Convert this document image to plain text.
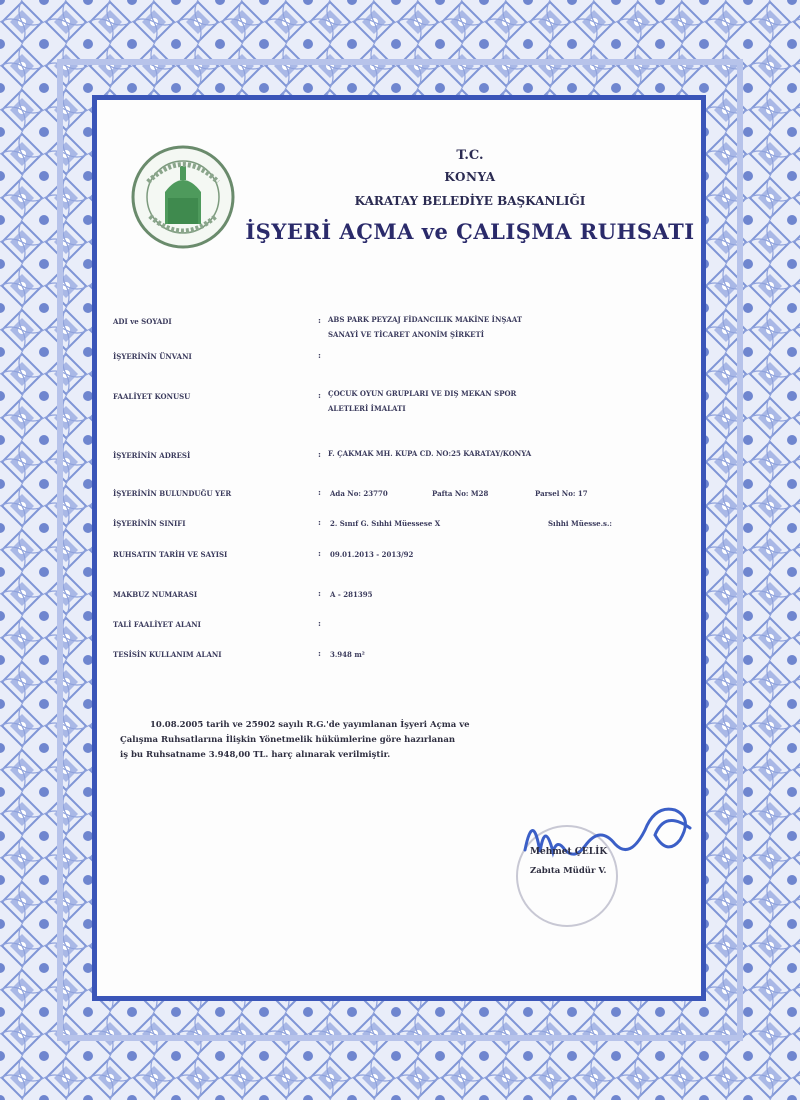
T.C.
KONYA
KARATAY BELEDİYE BAŞKANLIĞI
İŞYERİ AÇMA ve ÇALIŞMA RUHSATI
ADI ve SOYADI	: ABS PARK PEYZAJ FİDANCILIK MAKİNE İNŞAAT
SANAYİ VE TİCARET ANONİM ŞİRKETİ
İŞYERİNİN ÜNVANI	:
FAALİYET KONUSU	: ÇOCUK OYUN GRUPLARI VE DIŞ MEKAN SPOR
ALETLERİ İMALATI
İŞYERİNİN ADRESİ	: F. ÇAKMAK MH. KUPA CD. NO:25 KARATAY/KONYA
İŞYERİNİN BULUNDUĞU YER	: Ada No: 23770	Pafta No: M28	Parsel No: 17
İŞYERİNİN SINIFI	: 2. Sınıf G. Sıhhi Müessese X	Sıhhi Müesse.s.:
RUHSATIN TARİH VE SAYISI	: 09.01.2013 - 2013/92
MAKBUZ NUMARASI	: A - 281395
TALİ FAALİYET ALANI	:
TESİSİN KULLANIM ALANI	: 3.948 m²
10.08.2005 tarih ve 25902 sayılı R.G.'de yayımlanan İşyeri Açma ve
Çalışma Ruhsatlarına İlişkin Yönetmelik hükümlerine göre hazırlanan
iş bu Ruhsatname 3.948,00 TL. harç alınarak verilmiştir.
Mehmet ÇELİK
Zabıta Müdür V.
